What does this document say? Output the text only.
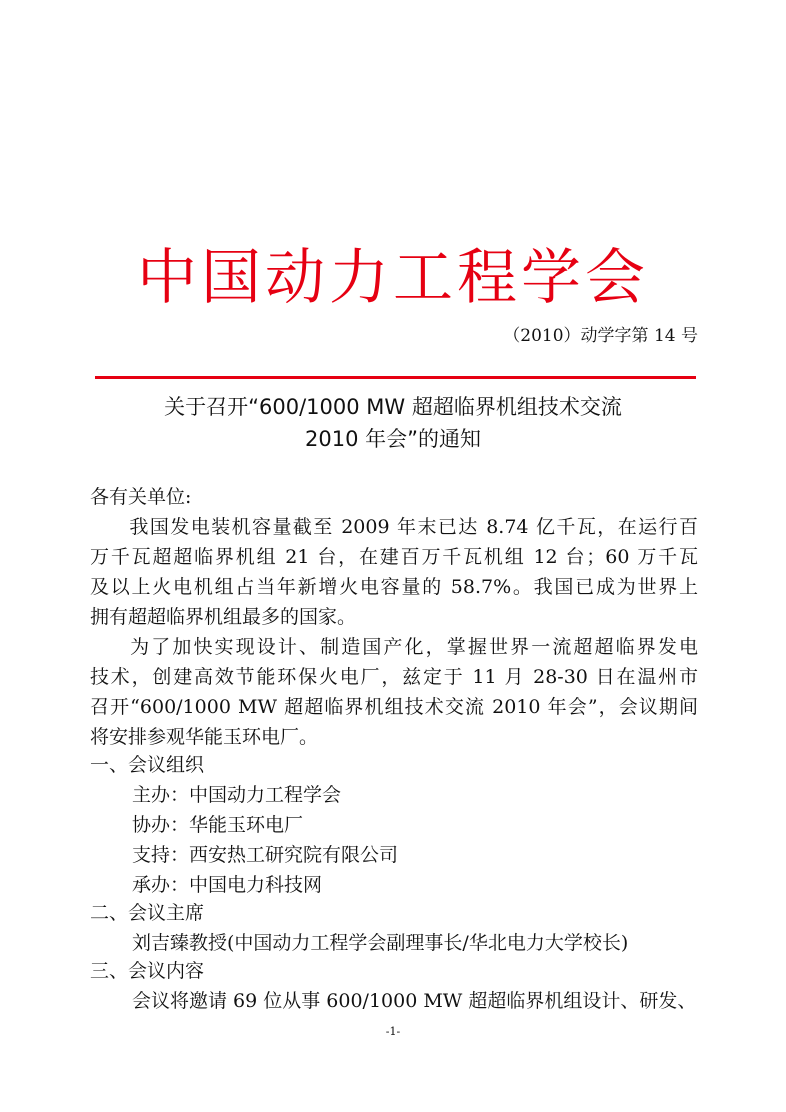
中国动力工程学会
（2010）动学字第 14 号
关于召开“600/1000 MW 超超临界机组技术交流
2010 年会”的通知
各有关单位:
我国发电装机容量截至 2009 年末已达 8.74 亿千瓦，在运行百
万千瓦超超临界机组 21 台，在建百万千瓦机组 12 台；60 万千瓦
及以上火电机组占当年新增火电容量的 58.7%。我国已成为世界上
拥有超超临界机组最多的国家。
为了加快实现设计、制造国产化，掌握世界一流超超临界发电
技术，创建高效节能环保火电厂，兹定于 11 月 28-30 日在温州市
召开“600/1000 MW 超超临界机组技术交流 2010 年会”，会议期间
将安排参观华能玉环电厂。
一、会议组织
主办：中国动力工程学会
协办：华能玉环电厂
支持：西安热工研究院有限公司
承办：中国电力科技网
二、会议主席
刘吉臻教授(中国动力工程学会副理事长/华北电力大学校长)
三、会议内容
会议将邀请 69 位从事 600/1000 MW 超超临界机组设计、研发、
-1-
